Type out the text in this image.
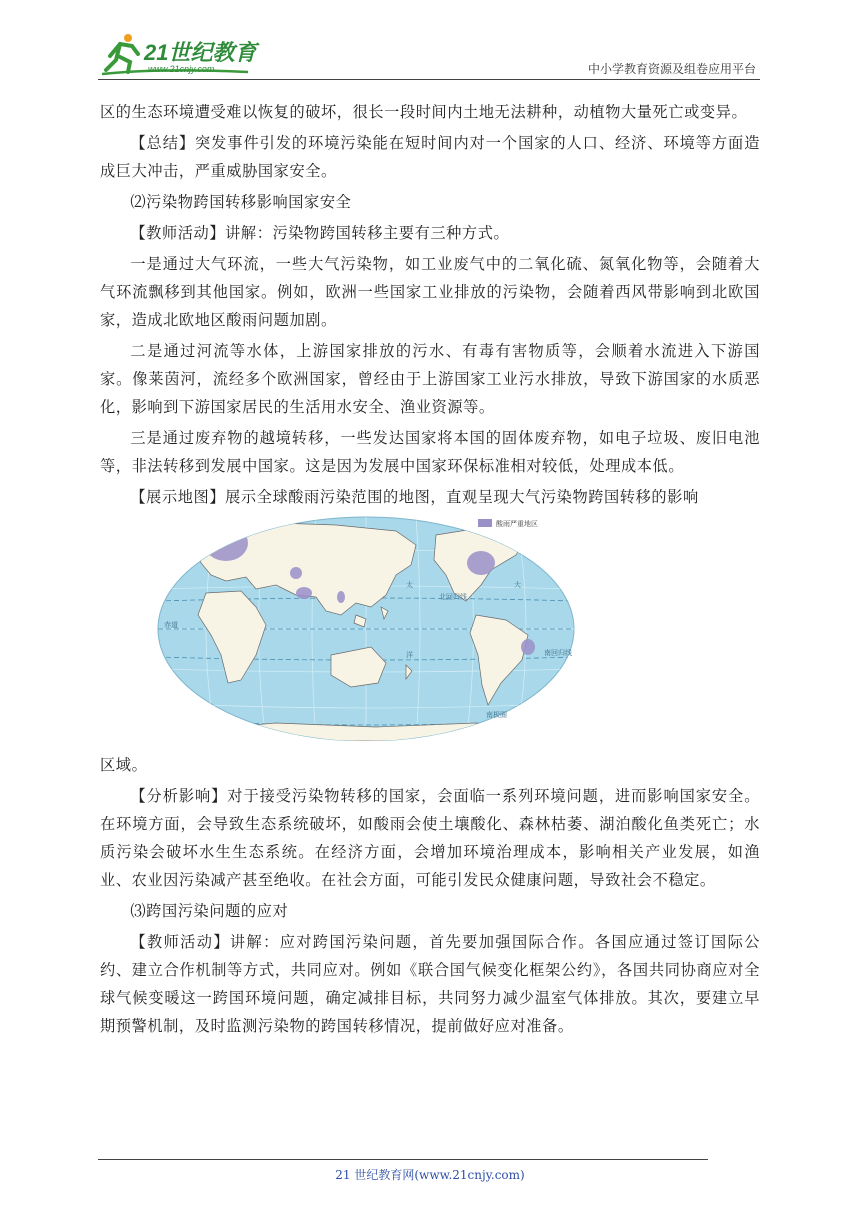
21世纪教育
www.21cnjy.com	中小学教育资源及组卷应用平台

区的生态环境遭受难以恢复的破坏，很长一段时间内土地无法耕种，动植物大量死亡或变异。

【总结】突发事件引发的环境污染能在短时间内对一个国家的人口、经济、环境等方面造成巨大冲击，严重威胁国家安全。

⑵污染物跨国转移影响国家安全

【教师活动】讲解：污染物跨国转移主要有三种方式。

一是通过大气环流，一些大气污染物，如工业废气中的二氧化硫、氮氧化物等，会随着大气环流飘移到其他国家。例如，欧洲一些国家工业排放的污染物，会随着西风带影响到北欧国家，造成北欧地区酸雨问题加剧。

二是通过河流等水体，上游国家排放的污水、有毒有害物质等，会顺着水流进入下游国家。像莱茵河，流经多个欧洲国家，曾经由于上游国家工业污水排放，导致下游国家的水质恶化，影响到下游国家居民的生活用水安全、渔业资源等。

三是通过废弃物的越境转移，一些发达国家将本国的固体废弃物，如电子垃圾、废旧电池等，非法转移到发展中国家。这是因为发展中国家环保标准相对较低，处理成本低。

【展示地图】展示全球酸雨污染范围的地图，直观呈现大气污染物跨国转移的影响

太
洋
大
赤道
北回归线
南回归线
南极圈
酸雨严重地区

区域。

【分析影响】对于接受污染物转移的国家，会面临一系列环境问题，进而影响国家安全。在环境方面，会导致生态系统破坏，如酸雨会使土壤酸化、森林枯萎、湖泊酸化鱼类死亡；水质污染会破坏水生生态系统。在经济方面，会增加环境治理成本，影响相关产业发展，如渔业、农业因污染减产甚至绝收。在社会方面，可能引发民众健康问题，导致社会不稳定。

⑶跨国污染问题的应对

【教师活动】讲解：应对跨国污染问题，首先要加强国际合作。各国应通过签订国际公约、建立合作机制等方式，共同应对。例如《联合国气候变化框架公约》，各国共同协商应对全球气候变暖这一跨国环境问题，确定减排目标，共同努力减少温室气体排放。其次，要建立早期预警机制，及时监测污染物的跨国转移情况，提前做好应对准备。

21 世纪教育网(www.21cnjy.com)
